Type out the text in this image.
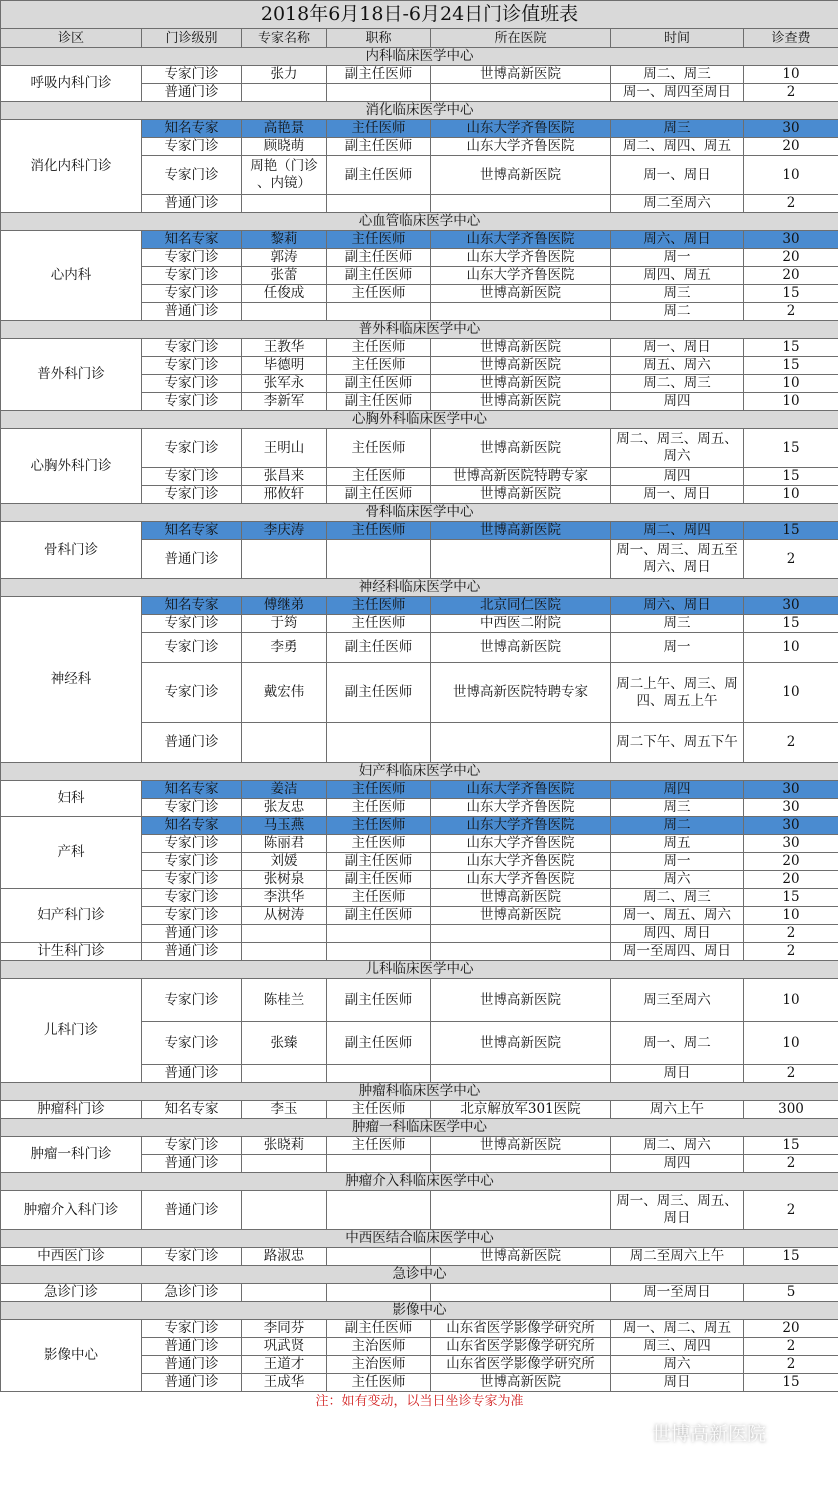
2018年6月18日-6月24日门诊值班表						
诊区	门诊级别	专家名称	职称	所在医院	时间	诊查费
内科临床医学中心						
呼吸内科门诊	专家门诊	张力	副主任医师	世博高新医院	周二、周三	10
	普通门诊				周一、周四至周日	2
消化临床医学中心						
消化内科门诊	知名专家	高艳景	主任医师	山东大学齐鲁医院	周三	30
	专家门诊	顾晓萌	副主任医师	山东大学齐鲁医院	周二、周四、周五	20
	专家门诊	周艳（门诊
、内镜）	副主任医师	世博高新医院	周一、周日	10
	普通门诊				周二至周六	2
心血管临床医学中心						
心内科	知名专家	黎莉	主任医师	山东大学齐鲁医院	周六、周日	30
	专家门诊	郭涛	副主任医师	山东大学齐鲁医院	周一	20
	专家门诊	张蕾	副主任医师	山东大学齐鲁医院	周四、周五	20
	专家门诊	任俊成	主任医师	世博高新医院	周三	15
	普通门诊				周二	2
普外科临床医学中心						
普外科门诊	专家门诊	王教华	主任医师	世博高新医院	周一、周日	15
	专家门诊	毕德明	主任医师	世博高新医院	周五、周六	15
	专家门诊	张军永	副主任医师	世博高新医院	周二、周三	10
	专家门诊	李新军	副主任医师	世博高新医院	周四	10
心胸外科临床医学中心						
心胸外科门诊	专家门诊	王明山	主任医师	世博高新医院	周二、周三、周五、
周六	15
	专家门诊	张昌来	主任医师	世博高新医院特聘专家	周四	15
	专家门诊	邢攸轩	副主任医师	世博高新医院	周一、周日	10
骨科临床医学中心						
骨科门诊	知名专家	李庆涛	主任医师	世博高新医院	周二、周四	15
	普通门诊				周一、周三、周五至
周六、周日	2
神经科临床医学中心						
神经科	知名专家	傅继弟	主任医师	北京同仁医院	周六、周日	30
	专家门诊	于筠	主任医师	中西医二附院	周三	15
	专家门诊	李勇	副主任医师	世博高新医院	周一	10
	专家门诊	戴宏伟	副主任医师	世博高新医院特聘专家	周二上午、周三、周
四、周五上午	10
	普通门诊				周二下午、周五下午	2
妇产科临床医学中心						
妇科	知名专家	姜洁	主任医师	山东大学齐鲁医院	周四	30
	专家门诊	张友忠	主任医师	山东大学齐鲁医院	周三	30
产科	知名专家	马玉燕	主任医师	山东大学齐鲁医院	周二	30
	专家门诊	陈丽君	主任医师	山东大学齐鲁医院	周五	30
	专家门诊	刘媛	副主任医师	山东大学齐鲁医院	周一	20
	专家门诊	张树泉	副主任医师	山东大学齐鲁医院	周六	20
妇产科门诊	专家门诊	李洪华	主任医师	世博高新医院	周二、周三	15
	专家门诊	从树涛	副主任医师	世博高新医院	周一、周五、周六	10
	普通门诊				周四、周日	2
计生科门诊	普通门诊				周一至周四、周日	2
儿科临床医学中心						
儿科门诊	专家门诊	陈桂兰	副主任医师	世博高新医院	周三至周六	10
	专家门诊	张臻	副主任医师	世博高新医院	周一、周二	10
	普通门诊				周日	2
肿瘤科临床医学中心						
肿瘤科门诊	知名专家	李玉	主任医师	北京解放军301医院	周六上午	300
肿瘤一科临床医学中心						
肿瘤一科门诊	专家门诊	张晓莉	主任医师	世博高新医院	周二、周六	15
	普通门诊				周四	2
肿瘤介入科临床医学中心						
肿瘤介入科门诊	普通门诊				周一、周三、周五、
周日	2
中西医结合临床医学中心						
中西医门诊	专家门诊	路淑忠		世博高新医院	周二至周六上午	15
急诊中心						
急诊门诊	急诊门诊				周一至周日	5
影像中心						
影像中心	专家门诊	李同芬	副主任医师	山东省医学影像学研究所	周一、周二、周五	20
	普通门诊	巩武贤	主治医师	山东省医学影像学研究所	周三、周四	2
	普通门诊	王道才	主治医师	山东省医学影像学研究所	周六	2
	普通门诊	王成华	主任医师	世博高新医院	周日	15
注：如有变动，以当日坐诊专家为准						
世博高新医院
